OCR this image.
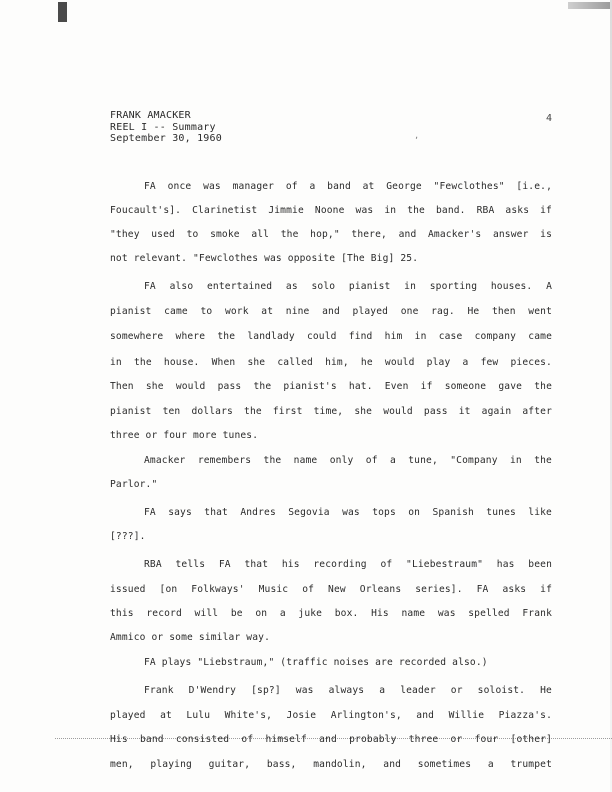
FRANK AMACKER
REEL I -- Summary
September 30, 1960
4
ʼ
FA once was manager of a band at George "Fewclothes" [i.e.,
Foucault's]. Clarinetist Jimmie Noone was in the band. RBA asks if
"they used to smoke all the hop," there, and Amacker's answer is
not relevant. "Fewclothes was opposite [The Big] 25.
FA also entertained as solo pianist in sporting houses. A
pianist came to work at nine and played one rag. He then went
somewhere where the landlady could find him in case company came
in the house. When she called him, he would play a few pieces.
Then she would pass the pianist's hat. Even if someone gave the
pianist ten dollars the first time, she would pass it again after
three or four more tunes.
Amacker remembers the name only of a tune, "Company in the
Parlor."
FA says that Andres Segovia was tops on Spanish tunes like
[???].
RBA tells FA that his recording of "Liebestraum" has been
issued [on Folkways' Music of New Orleans series]. FA asks if
this record will be on a juke box. His name was spelled Frank
Ammico or some similar way.
FA plays "Liebstraum," (traffic noises are recorded also.)
Frank D'Wendry [sp?] was always a leader or soloist. He
played at Lulu White's, Josie Arlington's, and Willie Piazza's.
His band consisted of himself and probably three or four [other]
men, playing guitar, bass, mandolin, and sometimes a trumpet
